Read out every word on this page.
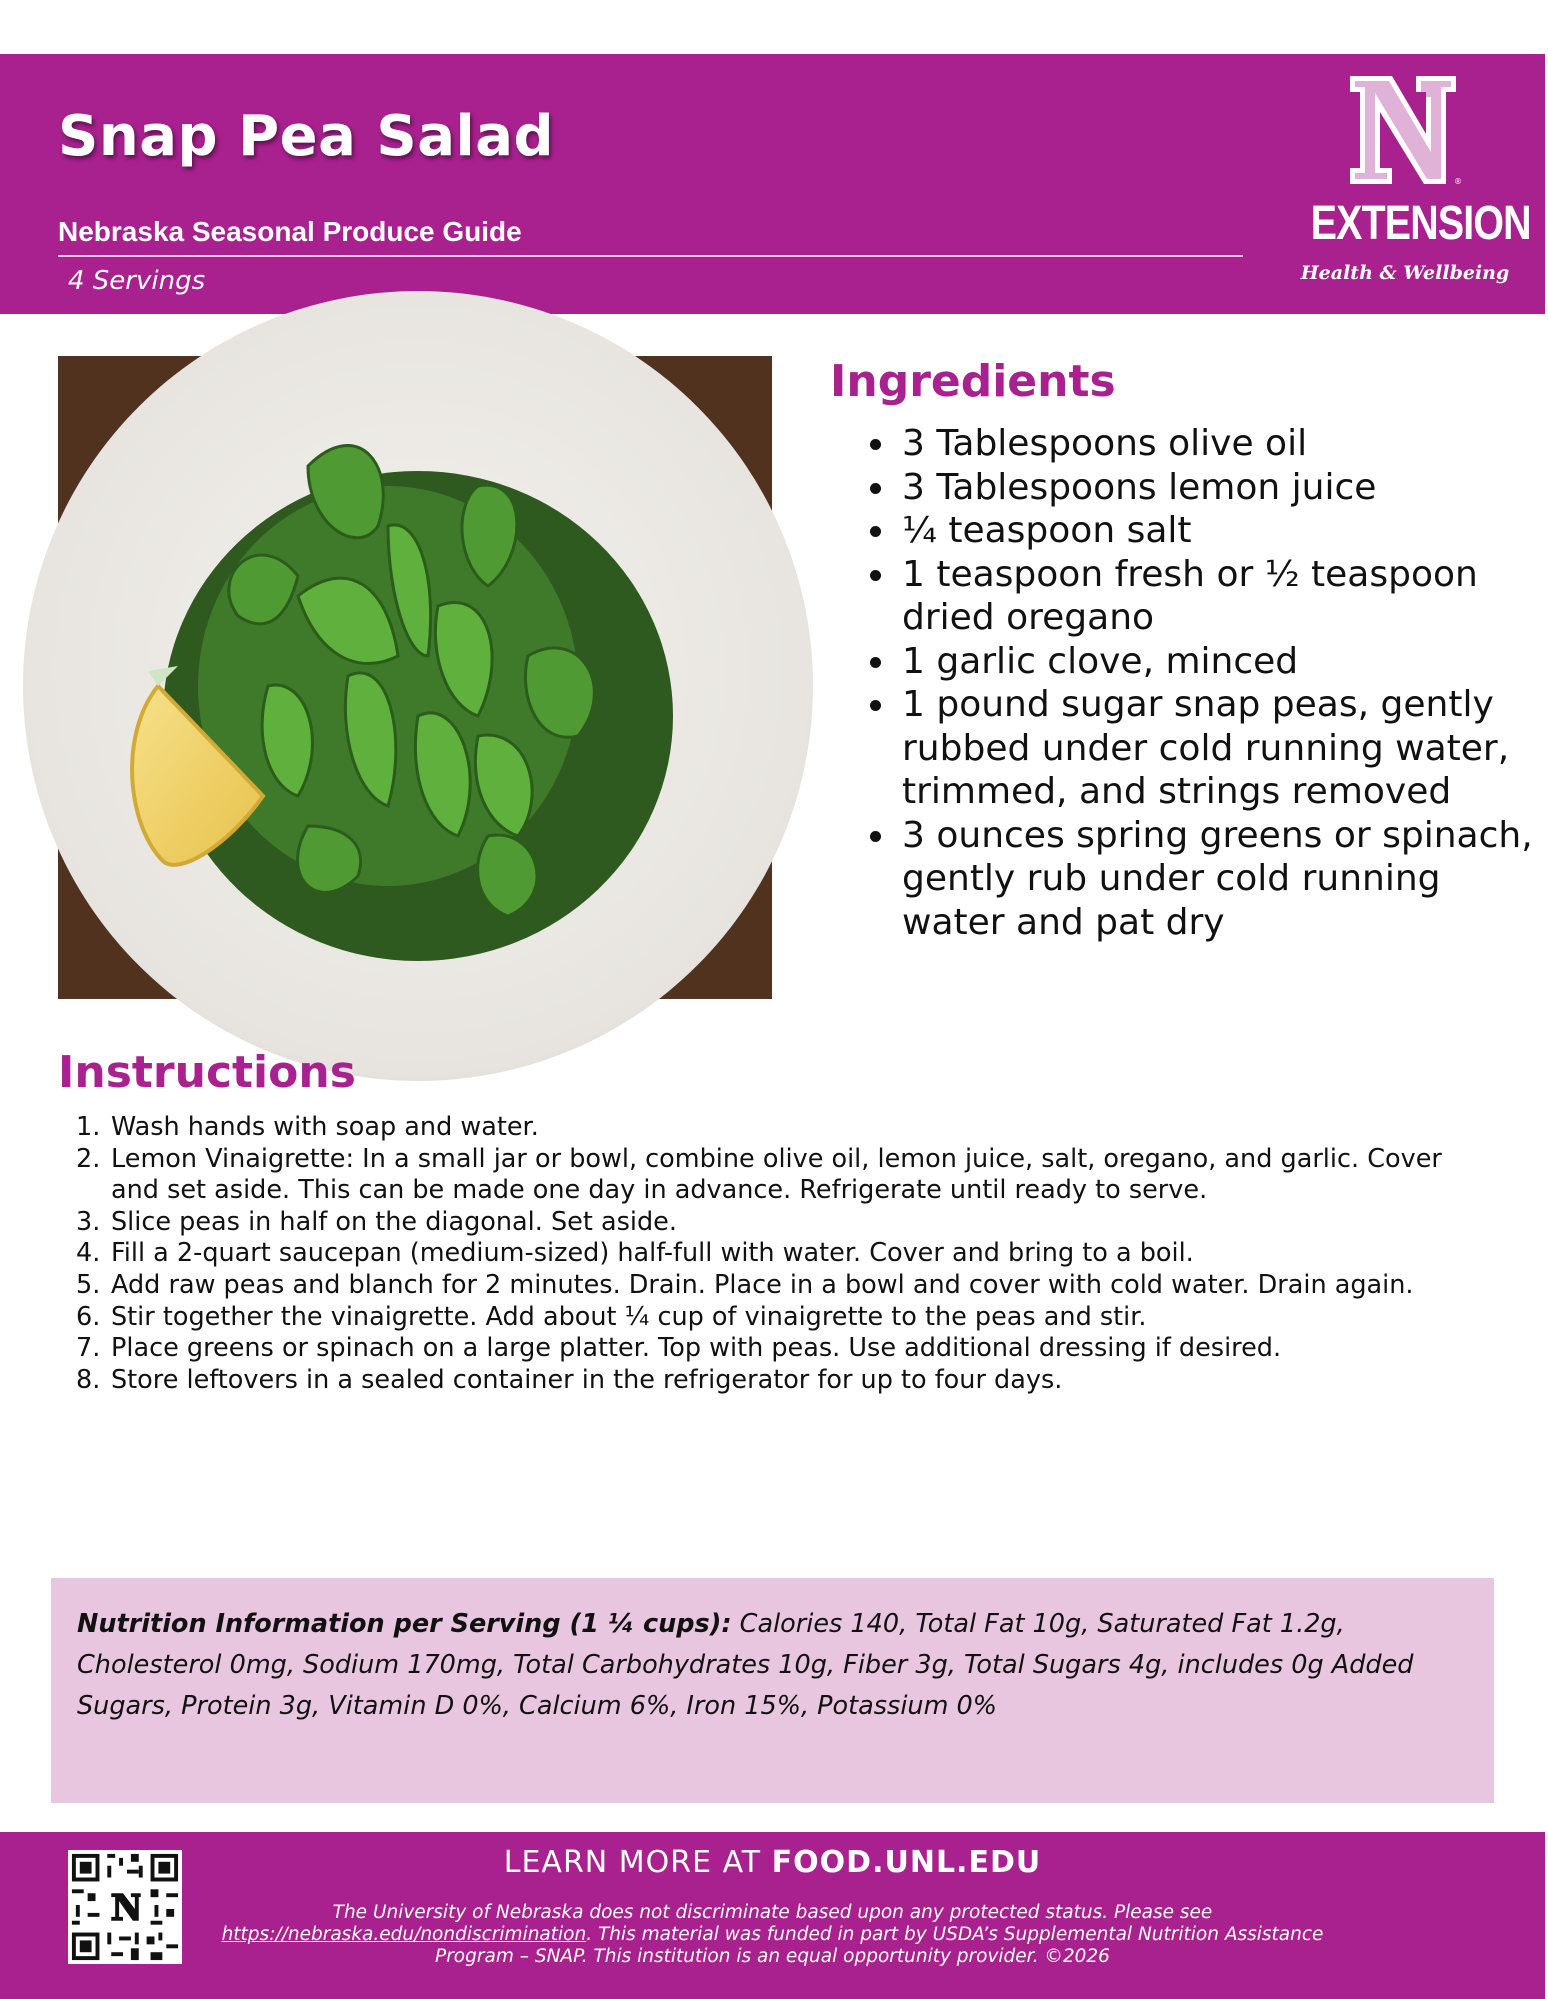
Snap Pea Salad
Nebraska Seasonal Produce Guide
4 Servings
®
EXTENSION
Health & Wellbeing
Ingredients
• 3 Tablespoons olive oil
• 3 Tablespoons lemon juice
• ¼ teaspoon salt
• 1 teaspoon fresh or ½ teaspoon dried oregano
• 1 garlic clove, minced
• 1 pound sugar snap peas, gently rubbed under cold running water, trimmed, and strings removed
• 3 ounces spring greens or spinach, gently rub under cold running water and pat dry
Instructions
1. Wash hands with soap and water.
2. Lemon Vinaigrette: In a small jar or bowl, combine olive oil, lemon juice, salt, oregano, and garlic. Cover and set aside. This can be made one day in advance. Refrigerate until ready to serve.
3. Slice peas in half on the diagonal. Set aside.
4. Fill a 2-quart saucepan (medium-sized) half-full with water. Cover and bring to a boil.
5. Add raw peas and blanch for 2 minutes. Drain. Place in a bowl and cover with cold water. Drain again.
6. Stir together the vinaigrette. Add about ¼ cup of vinaigrette to the peas and stir.
7. Place greens or spinach on a large platter. Top with peas. Use additional dressing if desired.
8. Store leftovers in a sealed container in the refrigerator for up to four days.

Nutrition Information per Serving (1 ¼ cups): Calories 140, Total Fat 10g, Saturated Fat 1.2g, Cholesterol 0mg, Sodium 170mg, Total Carbohydrates 10g, Fiber 3g, Total Sugars 4g, includes 0g Added Sugars, Protein 3g, Vitamin D 0%, Calcium 6%, Iron 15%, Potassium 0%

LEARN MORE AT FOOD.UNL.EDU

The University of Nebraska does not discriminate based upon any protected status. Please see https://nebraska.edu/nondiscrimination. This material was funded in part by USDA’s Supplemental Nutrition Assistance Program – SNAP. This institution is an equal opportunity provider. ©2026
